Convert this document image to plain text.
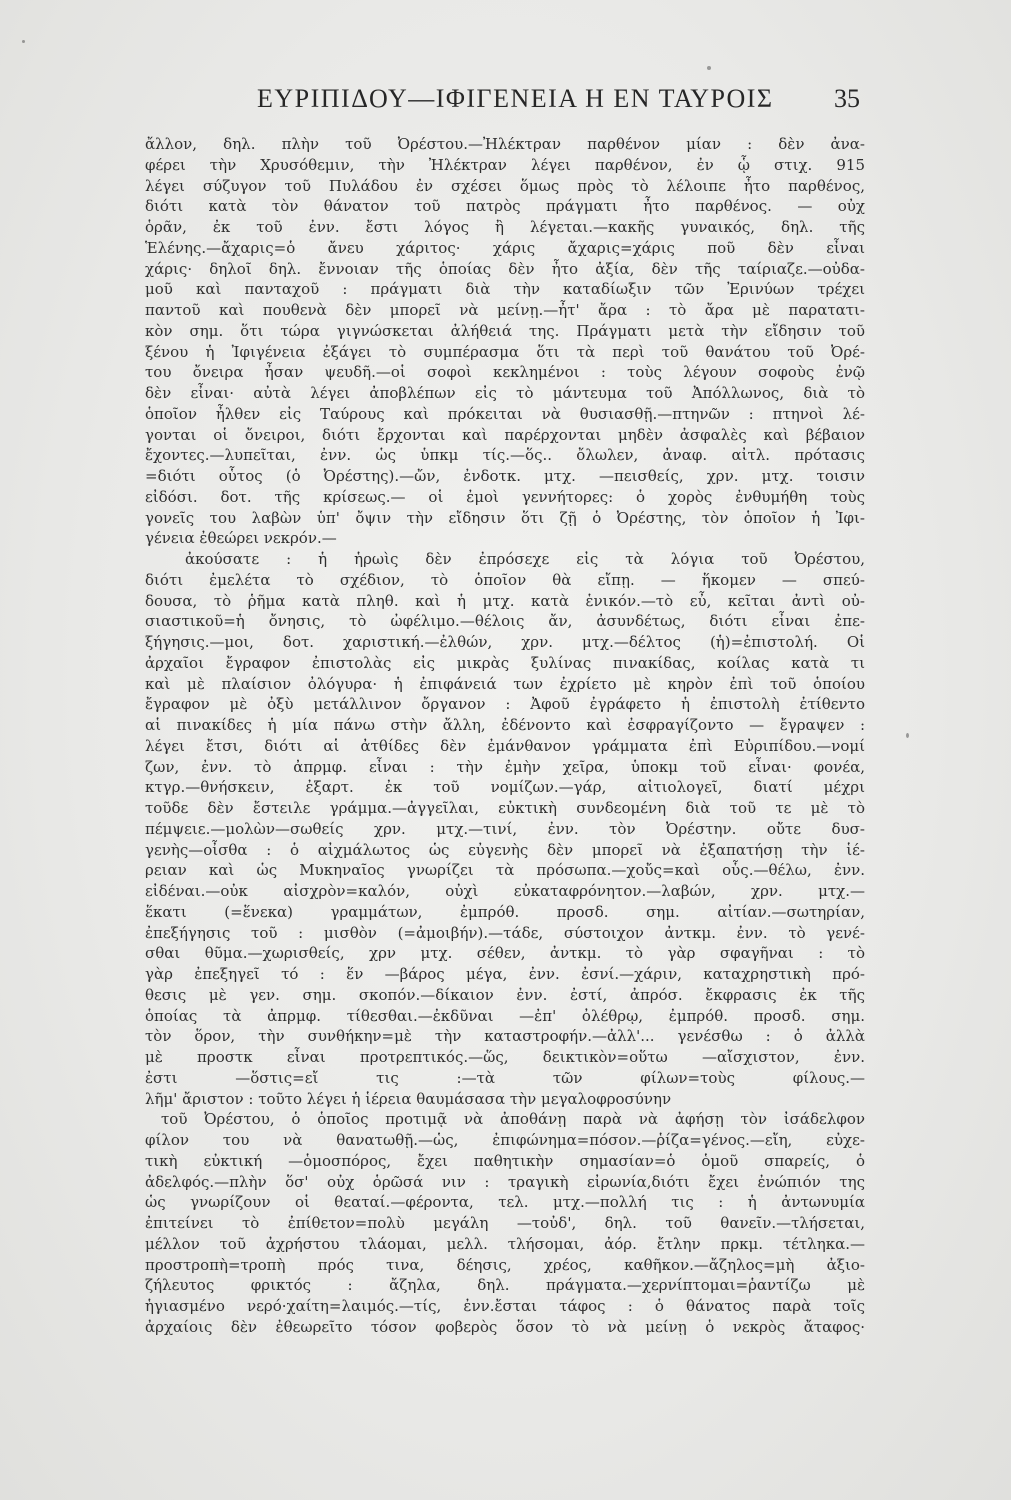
ΕΥΡΙΠΙΔΟΥ—ΙΦΙΓΕΝΕΙΑ Η ΕΝ ΤΑΥΡΟΙΣ 35
ἄλλον, δηλ. πλὴν τοῦ Ὀρέστου.—Ἠλέκτραν παρθένον μίαν : δὲν ἀνα-
φέρει τὴν Χρυσόθεμιν, τὴν Ἠλέκτραν λέγει παρθένον, ἐν ᾧ στιχ. 915
λέγει σύζυγον τοῦ Πυλάδου ἐν σχέσει ὅμως πρὸς τὸ λέλοιπε ἦτο παρθένος,
διότι κατὰ τὸν θάνατον τοῦ πατρὸς πράγματι ἦτο παρθένος. — οὐχ
ὁρᾶν, ἐκ τοῦ ἐνν. ἔστι λόγος ἢ λέγεται.—κακῆς γυναικός, δηλ. τῆς
Ἑλένης.—ἄχαρις=ὁ ἄνευ χάριτος· χάρις ἄχαρις=χάρις ποῦ δὲν εἶναι
χάρις· δηλοῖ δηλ. ἔννοιαν τῆς ὁποίας δὲν ἦτο ἀξία, δὲν τῆς ταίριαζε.—οὐδα-
μοῦ καὶ πανταχοῦ : πράγματι διὰ τὴν καταδίωξιν τῶν Ἐρινύων τρέχει
παντοῦ καὶ πουθενὰ δὲν μπορεῖ νὰ μείνῃ.—ἦτ' ἄρα : τὸ ἄρα μὲ παρατατι-
κὸν σημ. ὅτι τώρα γιγνώσκεται ἀλήθειά της. Πράγματι μετὰ τὴν εἴδησιν τοῦ
ξένου ἡ Ἰφιγένεια ἐξάγει τὸ συμπέρασμα ὅτι τὰ περὶ τοῦ θανάτου τοῦ Ὀρέ-
του ὄνειρα ἦσαν ψευδῆ.—οἱ σοφοὶ κεκλημένοι : τοὺς λέγουν σοφοὺς ἐνῷ
δὲν εἶναι· αὐτὰ λέγει ἀποβλέπων εἰς τὸ μάντευμα τοῦ Ἀπόλλωνος, διὰ τὸ
ὁποῖον ἦλθεν εἰς Ταύρους καὶ πρόκειται νὰ θυσιασθῇ.—πτηνῶν : πτηνοὶ λέ-
γονται οἱ ὄνειροι, διότι ἔρχονται καὶ παρέρχονται μηδὲν ἀσφαλὲς καὶ βέβαιον
ἔχοντες.—λυπεῖται, ἐνν. ὡς ὑπκμ τίς.—ὅς.. ὄλωλεν, ἀναφ. αἰτλ. πρότασις
=διότι οὗτος (ὁ Ὀρέστης).—ὤν, ἐνδοτκ. μτχ. —πεισθείς, χρν. μτχ. τοισιν
εἰδόσι. δοτ. τῆς κρίσεως.— οἱ ἐμοὶ γεννήτορες: ὁ χορὸς ἐνθυμήθη τοὺς
γονεῖς του λαβὼν ὑπ' ὄψιν τὴν εἴδησιν ὅτι ζῇ ὁ Ὀρέστης, τὸν ὁποῖον ἡ Ἰφι-
γένεια ἐθεώρει νεκρόν.—
ἀκούσατε : ἡ ἡρωὶς δὲν ἐπρόσεχε εἰς τὰ λόγια τοῦ Ὀρέστου,
διότι ἐμελέτα τὸ σχέδιον, τὸ ὁποῖον θὰ εἴπῃ. — ἥκομεν — σπεύ-
δουσα, τὸ ῥῆμα κατὰ πληθ. καὶ ἡ μτχ. κατὰ ἑνικόν.—τὸ εὖ, κεῖται ἀντὶ οὐ-
σιαστικοῦ=ἡ ὄνησις, τὸ ὠφέλιμο.—θέλοις ἄν, ἀσυνδέτως, διότι εἶναι ἐπε-
ξήγησις.—μοι, δοτ. χαριστική.—ἐλθών, χρν. μτχ.—δέλτος (ἡ)=ἐπιστολή. Οἱ
ἀρχαῖοι ἔγραφον ἐπιστολὰς εἰς μικρὰς ξυλίνας πινακίδας, κοίλας κατὰ τι
καὶ μὲ πλαίσιον ὀλόγυρα· ἡ ἐπιφάνειά των ἐχρίετο μὲ κηρὸν ἐπὶ τοῦ ὁποίου
ἔγραφον μὲ ὀξὺ μετάλλινον ὄργανον : Ἀφοῦ ἐγράφετο ἡ ἐπιστολὴ ἐτίθεντο
αἱ πινακίδες ἡ μία πάνω στὴν ἄλλη, ἐδένοντο καὶ ἐσφραγίζοντο — ἔγραψεν :
λέγει ἔτσι, διότι αἱ ἀτθίδες δὲν ἐμάνθανον γράμματα ἐπὶ Εὐριπίδου.—νομί
ζων, ἐνν. τὸ ἀπρμφ. εἶναι : τὴν ἐμὴν χεῖρα, ὑποκμ τοῦ εἶναι· φονέα,
κτγρ.—θνήσκειν, ἐξαρτ. ἐκ τοῦ νομίζων.—γάρ, αἰτιολογεῖ, διατί μέχρι
τοῦδε δὲν ἔστειλε γράμμα.—ἀγγεῖλαι, εὐκτικὴ συνδεομένη διὰ τοῦ τε μὲ τὸ
πέμψειε.—μολὼν—σωθείς χρν. μτχ.—τινί, ἐνν. τὸν Ὀρέστην. οὔτε δυσ-
γενὴς—οἶσθα : ὁ αἰχμάλωτος ὡς εὐγενὴς δὲν μπορεῖ νὰ ἐξαπατήσῃ τὴν ἱέ-
ρειαν καὶ ὡς Μυκηναῖος γνωρίζει τὰ πρόσωπα.—χοὔς=καὶ οὗς.—θέλω, ἐνν.
εἰδέναι.—οὐκ αἰσχρὸν=καλόν, οὐχὶ εὐκαταφρόνητον.—λαβών, χρν. μτχ.—
ἕκατι (=ἕνεκα) γραμμάτων, ἐμπρόθ. προσδ. σημ. αἰτίαν.—σωτηρίαν,
ἐπεξήγησις τοῦ : μισθὸν (=ἀμοιβήν).—τάδε, σύστοιχον ἀντκμ. ἐνν. τὸ γενέ-
σθαι θῦμα.—χωρισθείς, χρν μτχ. σέθεν, ἀντκμ. τὸ γὰρ σφαγῆναι : τὸ
γὰρ ἐπεξηγεῖ τό : ἕν —βάρος μέγα, ἐνν. ἐσνί.—χάριν, καταχρηστικὴ πρό-
θεσις μὲ γεν. σημ. σκοπόν.—δίκαιον ἐνν. ἐστί, ἀπρόσ. ἔκφρασις ἐκ τῆς
ὁποίας τὰ ἀπρμφ. τίθεσθαι.—ἐκδῦναι —ἐπ' ὀλέθρῳ, ἐμπρόθ. προσδ. σημ.
τὸν ὅρον, τὴν συνθήκην=μὲ τὴν καταστροφήν.—ἀλλ'... γενέσθω : ὁ ἀλλὰ
μὲ προστκ εἶναι προτρεπτικός.—ὥς, δεικτικὸν=οὕτω —αἴσχιστον, ἐνν.
ἐστι —ὅστις=εἴ τις :—τὰ τῶν φίλων=τοὺς φίλους.—
λῆμ' ἄριστον : τοῦτο λέγει ἡ ἱέρεια θαυμάσασα τὴν μεγαλοφροσύνην
τοῦ Ὀρέστου, ὁ ὁποῖος προτιμᾷ νὰ ἀποθάνῃ παρὰ νὰ ἀφήσῃ τὸν ἰσάδελφον
φίλον του νὰ θανατωθῇ.—ὡς, ἐπιφώνημα=πόσον.—ῥίζα=γένος.—εἴη, εὐχε-
τικὴ εὐκτική —ὁμοσπόρος, ἔχει παθητικὴν σημασίαν=ὁ ὁμοῦ σπαρείς, ὁ
ἀδελφός.—πλὴν ὅσ' οὐχ ὁρῶσά νιν : τραγικὴ εἰρωνία,διότι ἔχει ἐνώπιόν της
ὡς γνωρίζουν οἱ θεαταί.—φέροντα, τελ. μτχ.—πολλή τις : ἡ ἀντωνυμία
ἐπιτείνει τὸ ἐπίθετον=πολὺ μεγάλη —τοὐδ', δηλ. τοῦ θανεῖν.—τλήσεται,
μέλλον τοῦ ἀχρήστου τλάομαι, μελλ. τλήσομαι, ἀόρ. ἔτλην πρκμ. τέτληκα.—
προστροπὴ=τροπὴ πρός τινα, δέησις, χρέος, καθῆκον.—ἄζηλος=μὴ ἀξιο-
ζήλευτος φρικτός : ἄζηλα, δηλ. πράγματα.—χερνίπτομαι=ῥαντίζω μὲ
ἡγιασμένο νερό·χαίτη=λαιμός.—τίς, ἐνν.ἔσται τάφος : ὁ θάνατος παρὰ τοῖς
ἀρχαίοις δὲν ἐθεωρεῖτο τόσον φοβερὸς ὅσον τὸ νὰ μείνῃ ὁ νεκρὸς ἄταφος·
